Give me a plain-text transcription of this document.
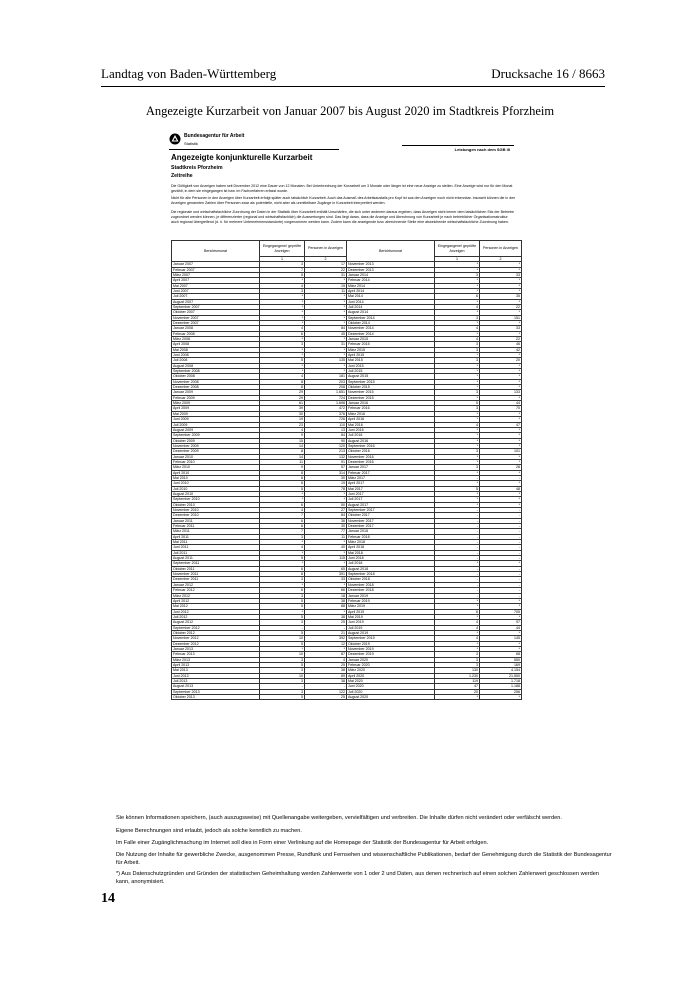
Landtag von Baden-Württemberg	Drucksache 16 / 8663
Angezeigte Kurzarbeit von Januar 2007 bis August 2020 im Stadtkreis Pforzheim
Bundesagentur für Arbeit
Statistik
Leistungen nach dem SGB III
Angezeigte konjunkturelle Kurzarbeit
Stadtkreis Pforzheim
Zeitreihe
Die Gültigkeit von Anzeigen haben seit Dezember 2012 eine Dauer von 12 Monaten. Bei Unterbrechung der Kurzarbeit um 3 Monate oder länger ist eine neue Anzeige zu stellen. Eine Anzeige wird nur für den Monat gezählt, in dem sie eingegangen ist bzw. im Fachverfahren erfasst wurde.
Nicht für alle Personen in den Anzeigen über Kurzarbeit erfolgt später auch tatsächlich Kurzarbeit. Auch das Ausmaß des Arbeitsausfalls pro Kopf ist aus den Anzeigen noch nicht erkennbar. Insoweit können die in den Anzeigen genannten Zahlen über Personen zwar als potentielle, nicht aber als unmittelbare Zugänge in Kurzarbeit interpretiert werden.
Die regionale und wirtschaftsfachliche Zuordnung der Daten in der Statistik über Kurzarbeit enthält Unschärfen, die sich unter anderem daraus ergeben, dass Anzeigen nicht immer dem tatsächlichen Sitz der Betriebe zugeordnet werden können, je differenzierter (regional und wirtschaftsfachlich) die Auswertungen sind. Das liegt daran, dass die Anzeige und Abrechnung von Kurzarbeit je nach betrieblicher Organisationsstruktur auch regional übergreifend (d. h. für mehrere Unternehmensstandorte) vorgenommen werden kann. Zudem kann die anzeigende bzw. abrechnende Stelle eine abweichende wirtschaftsfachliche Zuordnung haben.
Berichtsmonat	Eingegangene/ geprüfte Anzeigen	Personen in Anzeigen
	1	2
Januar 2007	3	17
Februar 2007	7	22
März 2007	5	31
April 2007	*	*
Mai 2007	4	19
Juni 2007	3	11
Juli 2007	*	*
August 2007	*	*
September 2007	*	*
Oktober 2007	*	*
November 2007	*	*
Dezember 2007	*	*
Januar 2008	4	84
Februar 2008	6	45
März 2008	*	*
April 2008	3	31
Mai 2008	*	*
Juni 2008	*	*
Juli 2008	5	135
August 2008	*	*
September 2008	*	*
Oktober 2008	4	181
November 2008	8	203
Dezember 2008	8	208
Januar 2009	29	1.651
Februar 2009	29	724
März 2009	61	1.698
April 2009	39	472
Mai 2009	30	376
Juni 2009	19	726
Juli 2009	23	110
August 2009	4	13
September 2009	9	84
Oktober 2009	15	90
November 2009	14	120
Dezember 2009	8	213
Januar 2010	14	132
Februar 2010	11	91
März 2010	9	57
April 2010	8	314
Mai 2010	6	30
Juni 2010	6	19
Juli 2010	5	78
August 2010	*	*
September 2010	*	*
Oktober 2010	6	50
November 2010	4	27
Dezember 2010	7	84
Januar 2011	6	36
Februar 2011	6	30
März 2011	7	77
April 2011	3	11
Mai 2011	*	*
Juni 2011	4	40
Juli 2011	*	*
August 2011	5	115
September 2011	*	*
Oktober 2011	6	65
November 2011	8	391
Dezember 2011	3	33
Januar 2012	*	*
Februar 2012	6	66
März 2012	3	18
April 2012	5	38
Mai 2012	5	88
Juni 2012	*	*
Juli 2012	5	38
August 2012	3	25
September 2012	-	-
Oktober 2012	5	21
November 2012	10	392
Dezember 2012	5	12
Januar 2013	*	*
Februar 2013	10	87
März 2013	3	4
April 2013	5	25
Mai 2013	3	38
Juni 2013	10	89
Juli 2013	3	38
August 2013	-	-
September 2013	3	122
Oktober 2013	5	25
Berichtsmonat	Eingegangene/ geprüfte Anzeigen	Personen in Anzeigen
	1	2
November 2013	*	*
Dezember 2013	*	*
Januar 2014	3	33
Februar 2014	*	*
März 2014	*	*
April 2014	*	*
Mai 2014	6	35
Juni 2014	*	*
Juli 2014	4	22
August 2014	*	*
September 2014	3	151
Oktober 2014	*	*
November 2014	4	33
Dezember 2014	*	*
Januar 2015	4	22
Februar 2015	3	46
März 2015	3	42
April 2015	*	*
Mai 2015	3	20
Juni 2015	*	*
Juli 2015	*	*
August 2015	*	*
September 2015	*	*
Oktober 2015	*	*
November 2015	3	133
Dezember 2015	*	*
Januar 2016	5	44
Februar 2016	3	70
März 2016	*	*
April 2016	*	*
Mai 2016	4	47
Juni 2016	*	*
Juli 2016	*	*
August 2016	*	*
September 2016	*	*
Oktober 2016	3	101
November 2016	*	*
Dezember 2016	*	*
Januar 2017	3	28
Februar 2017	*	*
März 2017	-	-
April 2017	*	*
Mai 2017	5	48
Juni 2017	*	*
Juli 2017	*	*
August 2017	*	*
September 2017	-	-
Oktober 2017	-	-
November 2017	-	-
Dezember 2017	-	-
Januar 2018	-	-
Februar 2018	-	-
März 2018	-	-
April 2018	-	-
Mai 2018	-	-
Juni 2018	-	-
Juli 2018	*	*
August 2018	-	-
September 2018	-	-
Oktober 2018	-	-
November 2018	-	-
Dezember 2018	-	-
Januar 2019	-	-
Februar 2019	*	*
März 2019	*	*
April 2019	6	705
Mai 2019	*	*
Juni 2019	4	97
Juli 2019	4	44
August 2019	*	*
September 2019	4	145
Oktober 2019	*	*
November 2019	*	*
Dezember 2019	3	68
Januar 2020	3	550
Februar 2020	3	169
März 2020	130	4.154
April 2020	1.230	21.550
Mai 2020	119	1.718
Juni 2020	47	1.188
Juli 2020	20	256
August 2020	*	*
Sie können Informationen speichern, (auch auszugsweise) mit Quellenangabe weitergeben, vervielfältigen und verbreiten. Die Inhalte dürfen nicht verändert oder verfälscht werden.
Eigene Berechnungen sind erlaubt, jedoch als solche kenntlich zu machen.
Im Falle einer Zugänglichmachung im Internet soll dies in Form einer Verlinkung auf die Homepage der Statistik der Bundesagentur für Arbeit erfolgen.
Die Nutzung der Inhalte für gewerbliche Zwecke, ausgenommen Presse, Rundfunk und Fernsehen und wissenschaftliche Publikationen, bedarf der Genehmigung durch die Statistik der Bundesagentur für Arbeit.
*) Aus Datenschutzgründen und Gründen der statistischen Geheimhaltung werden Zahlenwerte von 1 oder 2 und Daten, aus denen rechnerisch auf einen solchen Zahlenwert geschlossen werden kann, anonymisiert.
14
